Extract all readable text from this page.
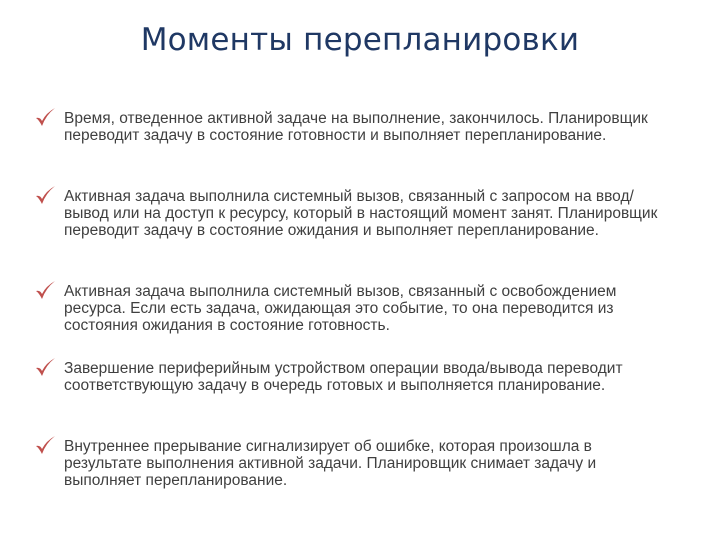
Моменты перепланировки
Время, отведенное активной задаче на выполнение, закончилось. Планировщик переводит задачу в состояние готовности и выполняет перепланирование.
Активная задача выполнила системный вызов, связанный с запросом на ввод/вывод или на доступ к ресурсу, который в настоящий момент занят. Планировщик переводит задачу в состояние ожидания и выполняет перепланирование.
Активная задача выполнила системный вызов, связанный с освобождением ресурса. Если есть задача, ожидающая это событие, то она переводится из состояния ожидания в состояние готовность.
Завершение периферийным устройством операции ввода/вывода переводит соответствующую задачу в очередь готовых и выполняется планирование.
Внутреннее прерывание сигнализирует об ошибке, которая произошла в результате выполнения активной задачи. Планировщик снимает задачу и выполняет перепланирование.
